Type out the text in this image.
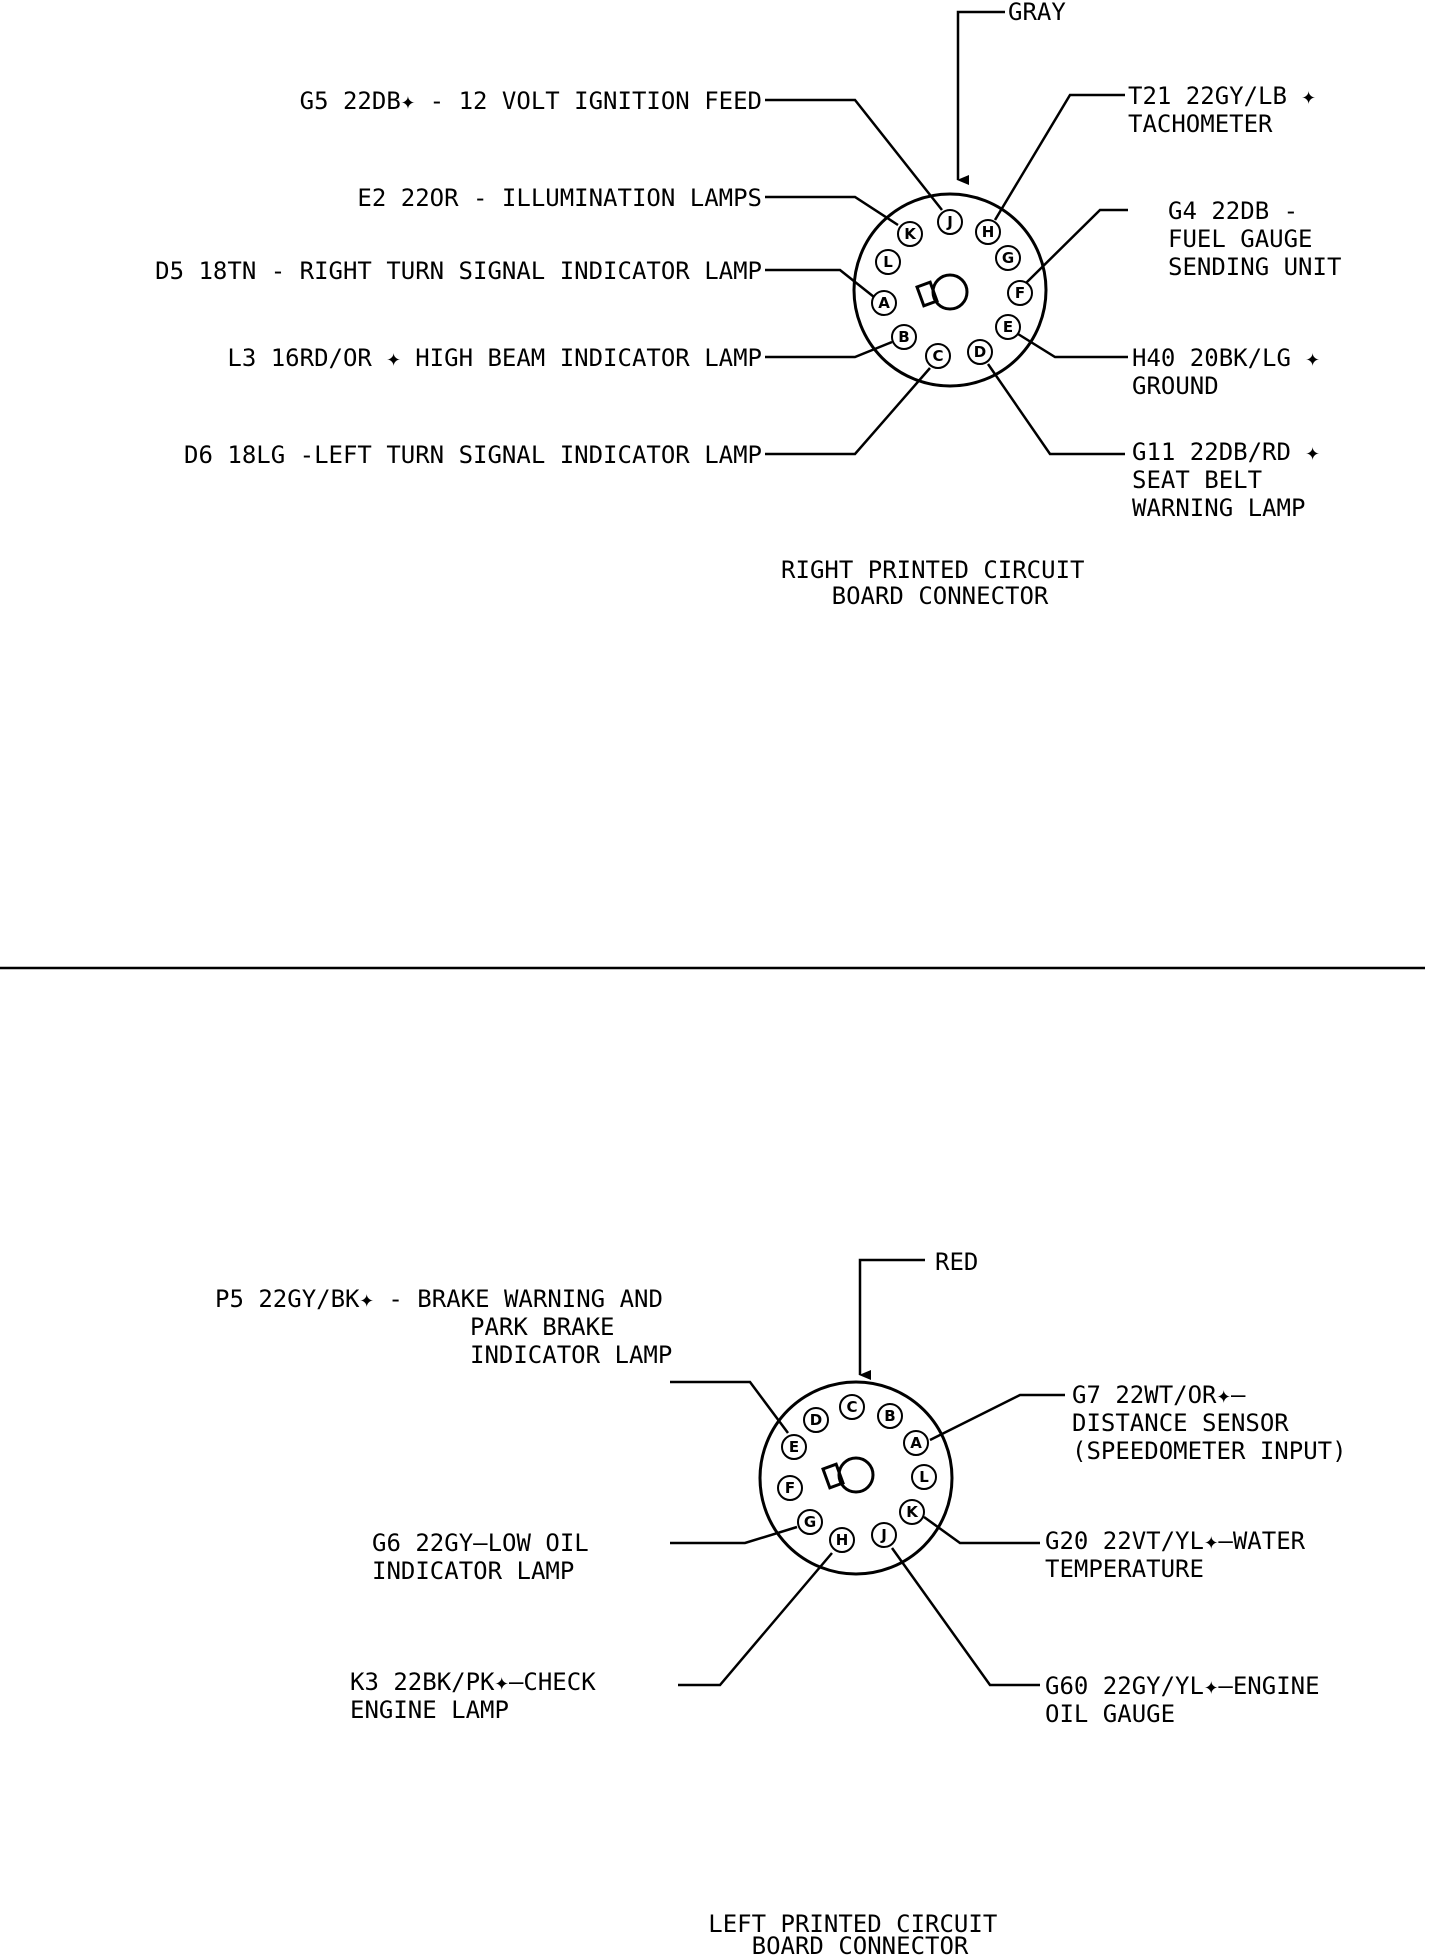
GRAY
K
J
H
L	G
A
F
B
C D
E
G5 22DB✦ - 12 VOLT IGNITION FEED
E2 22OR - ILLUMINATION LAMPS
D5 18TN - RIGHT TURN SIGNAL INDICATOR LAMP
L3 16RD/OR ✦ HIGH BEAM INDICATOR LAMP
D6 18LG -LEFT TURN SIGNAL INDICATOR LAMP
T21 22GY/LB ✦ TACHOMETER
G4 22DB - FUEL GAUGE SENDING UNIT
H40 20BK/LG ✦ GROUND
G11 22DB/RD ✦ SEAT BELT WARNING LAMP
RIGHT PRINTED CIRCUIT BOARD CONNECTOR
RED
D
C B
E	A
F
L
G
K
H J
P5 22GY/BK✦ - BRAKE WARNING AND PARK BRAKE INDICATOR LAMP
G7 22WT/OR✦— DISTANCE SENSOR (SPEEDOMETER INPUT)
G6 22GY—LOW OIL INDICATOR LAMP
G20 22VT/YL✦—WATER TEMPERATURE
K3 22BK/PK✦—CHECK ENGINE LAMP
G60 22GY/YL✦—ENGINE OIL GAUGE
LEFT PRINTED CIRCUIT BOARD CONNECTOR
